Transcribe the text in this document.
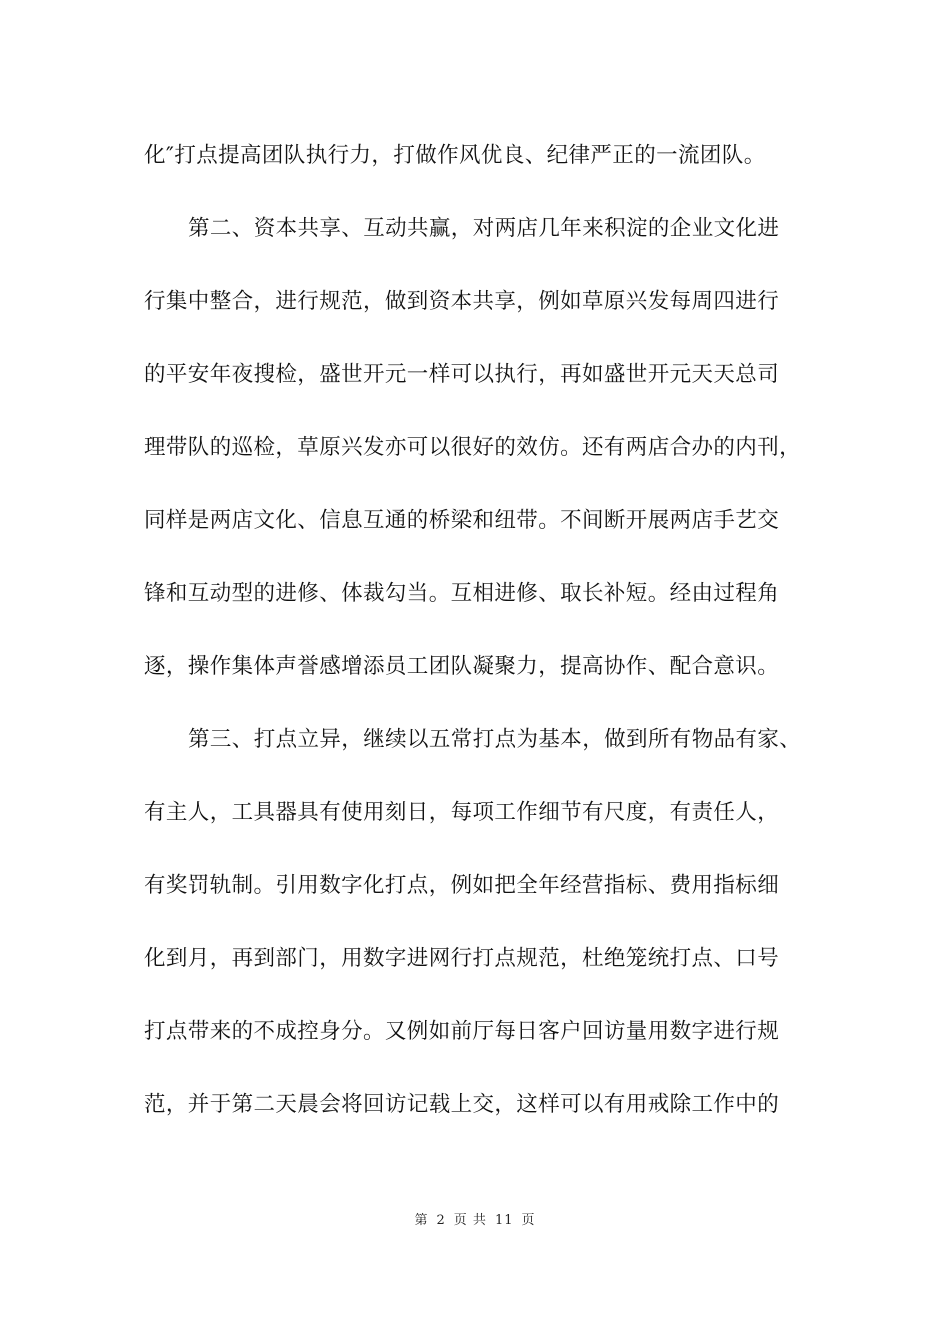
化″打点提高团队执行力，打做作风优良、纪律严正的一流团队。
第二、资本共享、互动共赢，对两店几年来积淀的企业文化进
行集中整合，进行规范，做到资本共享，例如草原兴发每周四进行
的平安年夜搜检，盛世开元一样可以执行，再如盛世开元天天总司
理带队的巡检，草原兴发亦可以很好的效仿。还有两店合办的内刊，
同样是两店文化、信息互通的桥梁和纽带。不间断开展两店手艺交
锋和互动型的进修、体裁勾当。互相进修、取长补短。经由过程角
逐，操作集体声誉感增添员工团队凝聚力，提高协作、配合意识。
第三、打点立异，继续以五常打点为基本，做到所有物品有家、
有主人，工具器具有使用刻日，每项工作细节有尺度，有责任人，
有奖罚轨制。引用数字化打点，例如把全年经营指标、费用指标细
化到月，再到部门，用数字进网行打点规范，杜绝笼统打点、口号
打点带来的不成控身分。又例如前厅每日客户回访量用数字进行规
范，并于第二天晨会将回访记载上交，这样可以有用戒除工作中的
第 2 页 共 11 页
